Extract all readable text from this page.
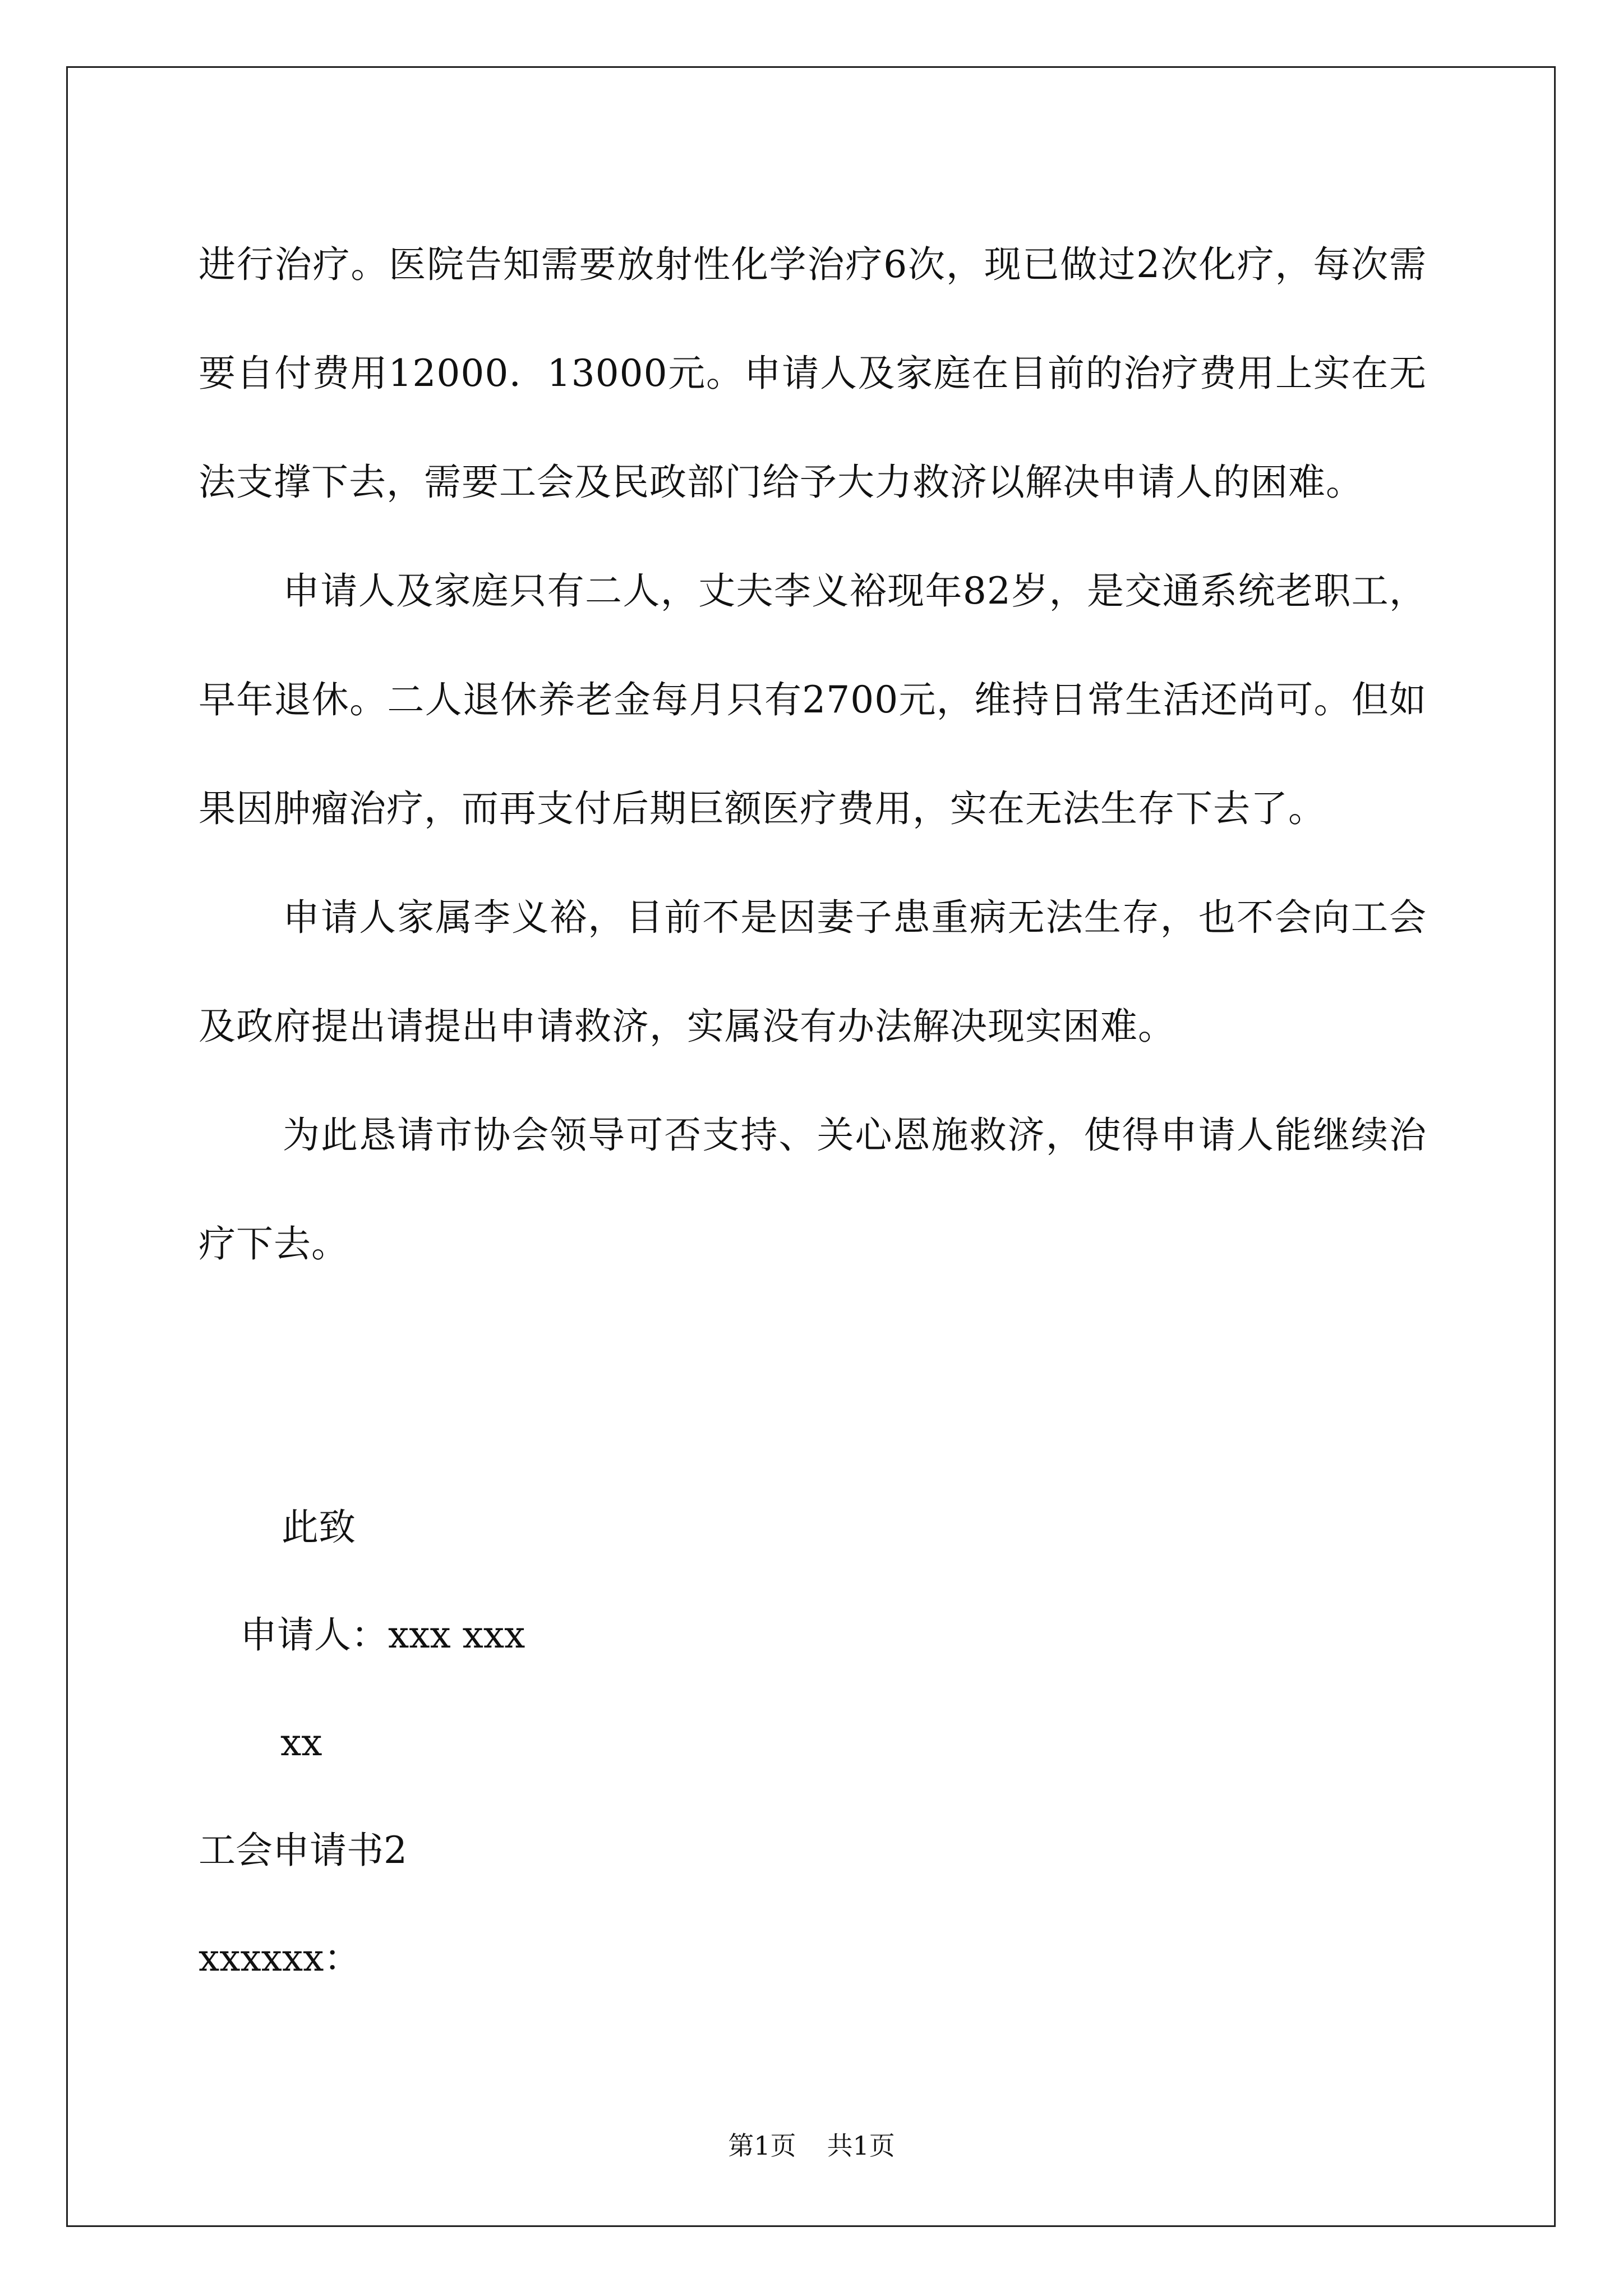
进行治疗。医院告知需要放射性化学治疗6次，现已做过2次化疗，每次需要自付费用12000．13000元。申请人及家庭在目前的治疗费用上实在无法支撑下去，需要工会及民政部门给予大力救济以解决申请人的困难。

申请人及家庭只有二人，丈夫李义裕现年82岁，是交通系统老职工，早年退休。二人退休养老金每月只有2700元，维持日常生活还尚可。但如果因肿瘤治疗，而再支付后期巨额医疗费用，实在无法生存下去了。

申请人家属李义裕，目前不是因妻子患重病无法生存，也不会向工会及政府提出请提出申请救济，实属没有办法解决现实困难。

为此恳请市协会领导可否支持、关心恩施救济，使得申请人能继续治疗下去。

此致
申请人：xxx xxx
xx
工会申请书2
xxxxxx：
第1页 共1页
